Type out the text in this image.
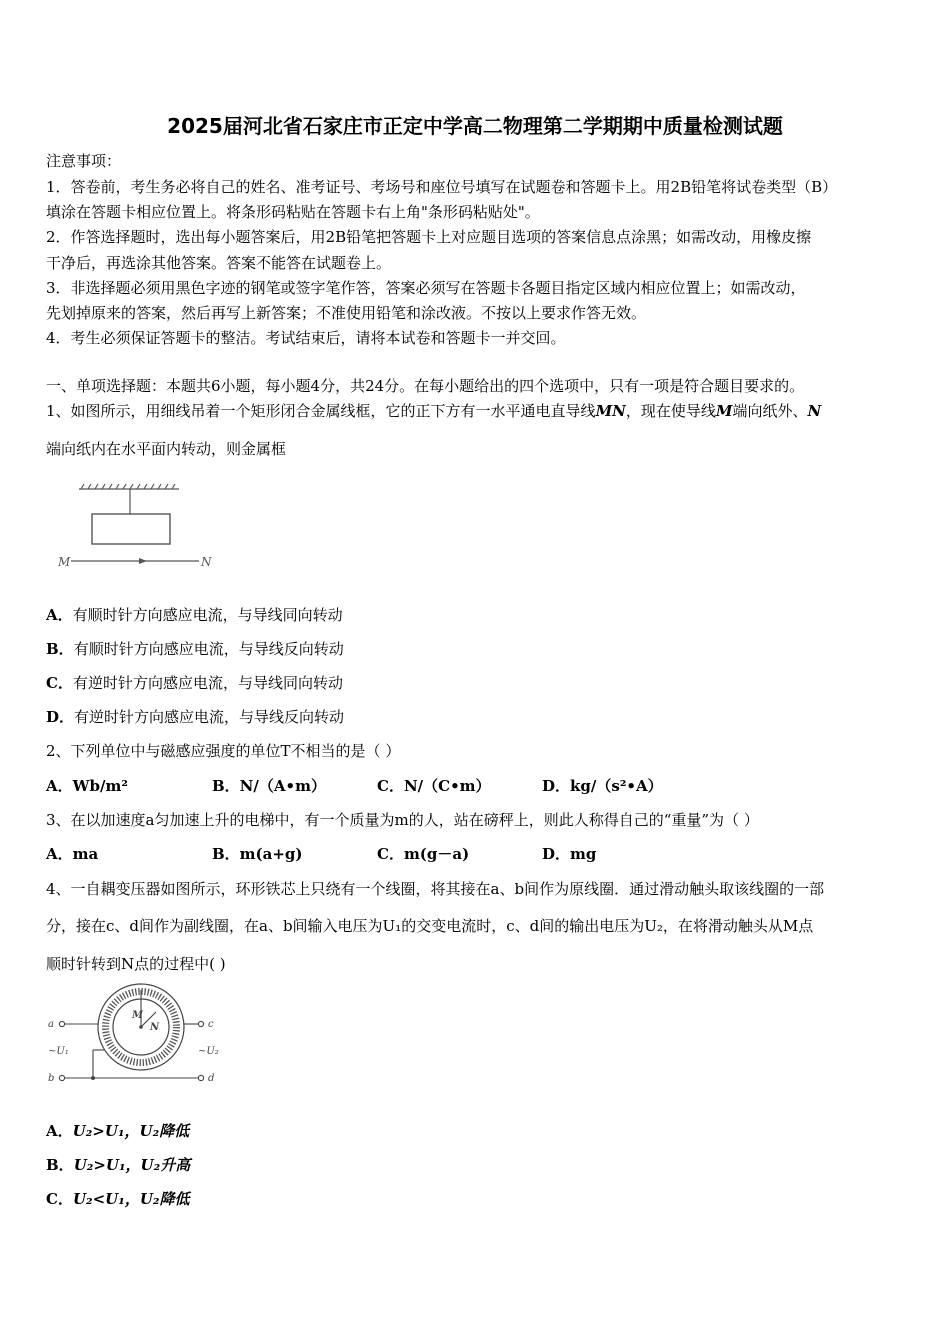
2025届河北省石家庄市正定中学高二物理第二学期期中质量检测试题
注意事项：
1．答卷前，考生务必将自己的姓名、准考证号、考场号和座位号填写在试题卷和答题卡上。用2B铅笔将试卷类型（B）
填涂在答题卡相应位置上。将条形码粘贴在答题卡右上角"条形码粘贴处"。
2．作答选择题时，选出每小题答案后，用2B铅笔把答题卡上对应题目选项的答案信息点涂黑；如需改动，用橡皮擦
干净后，再选涂其他答案。答案不能答在试题卷上。
3．非选择题必须用黑色字迹的钢笔或签字笔作答，答案必须写在答题卡各题目指定区域内相应位置上；如需改动，
先划掉原来的答案，然后再写上新答案；不准使用铅笔和涂改液。不按以上要求作答无效。
4．考生必须保证答题卡的整洁。考试结束后，请将本试卷和答题卡一并交回。
一、单项选择题：本题共6小题，每小题4分，共24分。在每小题给出的四个选项中，只有一项是符合题目要求的。
1、如图所示，用细线吊着一个矩形闭合金属线框，它的正下方有一水平通电直导线MN，现在使导线M端向纸外、N
端向纸内在水平面内转动，则金属框
M	N
A．有顺时针方向感应电流，与导线同向转动
B．有顺时针方向感应电流，与导线反向转动
C．有逆时针方向感应电流，与导线同向转动
D．有逆时针方向感应电流，与导线反向转动
2、下列单位中与磁感应强度的单位T不相当的是（ ）
A．Wb/m²	B．N/（A•m）	C．N/（C•m）	D．kg/（s²•A）
3、在以加速度a匀加速上升的电梯中，有一个质量为m的人，站在磅秤上，则此人称得自己的“重量”为（ ）
A．ma	B．m(a+g)	C．m(g－a)	D．mg
4、一自耦变压器如图所示，环形铁芯上只绕有一个线圈，将其接在a、b间作为原线圈．通过滑动触头取该线圈的一部
分，接在c、d间作为副线圈，在a、b间输入电压为U₁的交变电流时，c、d间的输出电压为U₂，在将滑动触头从M点
顺时针转到N点的过程中( )
a
b
c
d
~U₁	~U₂
M
N
A．U₂>U₁，U₂降低
B．U₂>U₁，U₂升高
C．U₂<U₁，U₂降低
